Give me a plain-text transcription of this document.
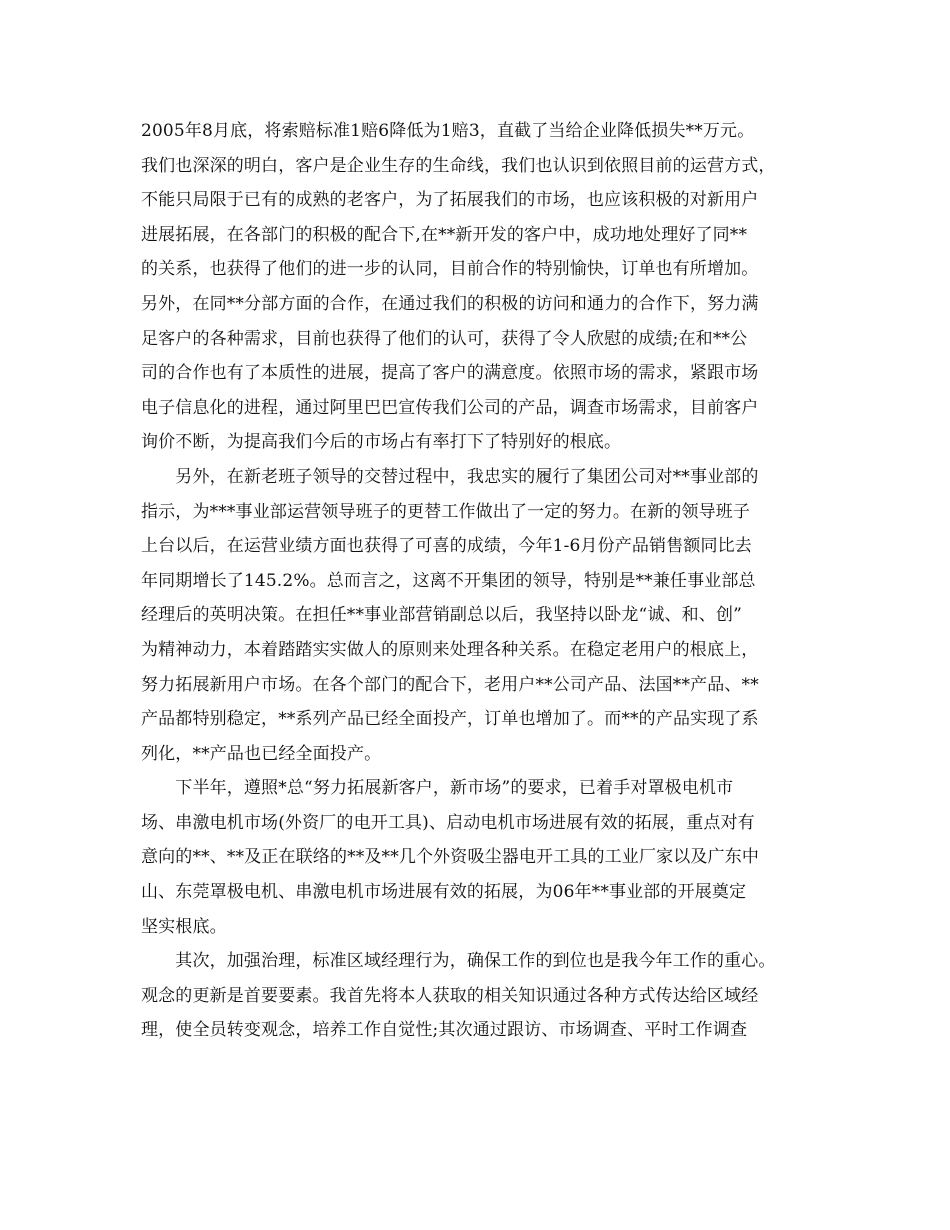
2005年8月底，将索赔标准1赔6降低为1赔3，直截了当给企业降低损失**万元。
我们也深深的明白，客户是企业生存的生命线，我们也认识到依照目前的运营方式，
不能只局限于已有的成熟的老客户，为了拓展我们的市场，也应该积极的对新用户
进展拓展，在各部门的积极的配合下,在**新开发的客户中，成功地处理好了同**
的关系，也获得了他们的进一步的认同，目前合作的特别愉快，订单也有所增加。
另外，在同**分部方面的合作，在通过我们的积极的访问和通力的合作下，努力满
足客户的各种需求，目前也获得了他们的认可，获得了令人欣慰的成绩;在和**公
司的合作也有了本质性的进展，提高了客户的满意度。依照市场的需求，紧跟市场
电子信息化的进程，通过阿里巴巴宣传我们公司的产品，调查市场需求，目前客户
询价不断，为提高我们今后的市场占有率打下了特别好的根底。
　　另外，在新老班子领导的交替过程中，我忠实的履行了集团公司对**事业部的
指示，为***事业部运营领导班子的更替工作做出了一定的努力。在新的领导班子
上台以后，在运营业绩方面也获得了可喜的成绩，今年1-6月份产品销售额同比去
年同期增长了145.2%。总而言之，这离不开集团的领导，特别是**兼任事业部总
经理后的英明决策。在担任**事业部营销副总以后，我坚持以卧龙“诚、和、创”
为精神动力，本着踏踏实实做人的原则来处理各种关系。在稳定老用户的根底上，
努力拓展新用户市场。在各个部门的配合下，老用户**公司产品、法国**产品、**
产品都特别稳定，**系列产品已经全面投产，订单也增加了。而**的产品实现了系
列化，**产品也已经全面投产。
　　下半年，遵照*总“努力拓展新客户，新市场”的要求，已着手对罩极电机市
场、串激电机市场(外资厂的电开工具)、启动电机市场进展有效的拓展，重点对有
意向的**、**及正在联络的**及**几个外资吸尘器电开工具的工业厂家以及广东中
山、东莞罩极电机、串激电机市场进展有效的拓展，为06年**事业部的开展奠定
坚实根底。
　　其次，加强治理，标准区域经理行为，确保工作的到位也是我今年工作的重心。
观念的更新是首要要素。我首先将本人获取的相关知识通过各种方式传达给区域经
理，使全员转变观念，培养工作自觉性;其次通过跟访、市场调查、平时工作调查
